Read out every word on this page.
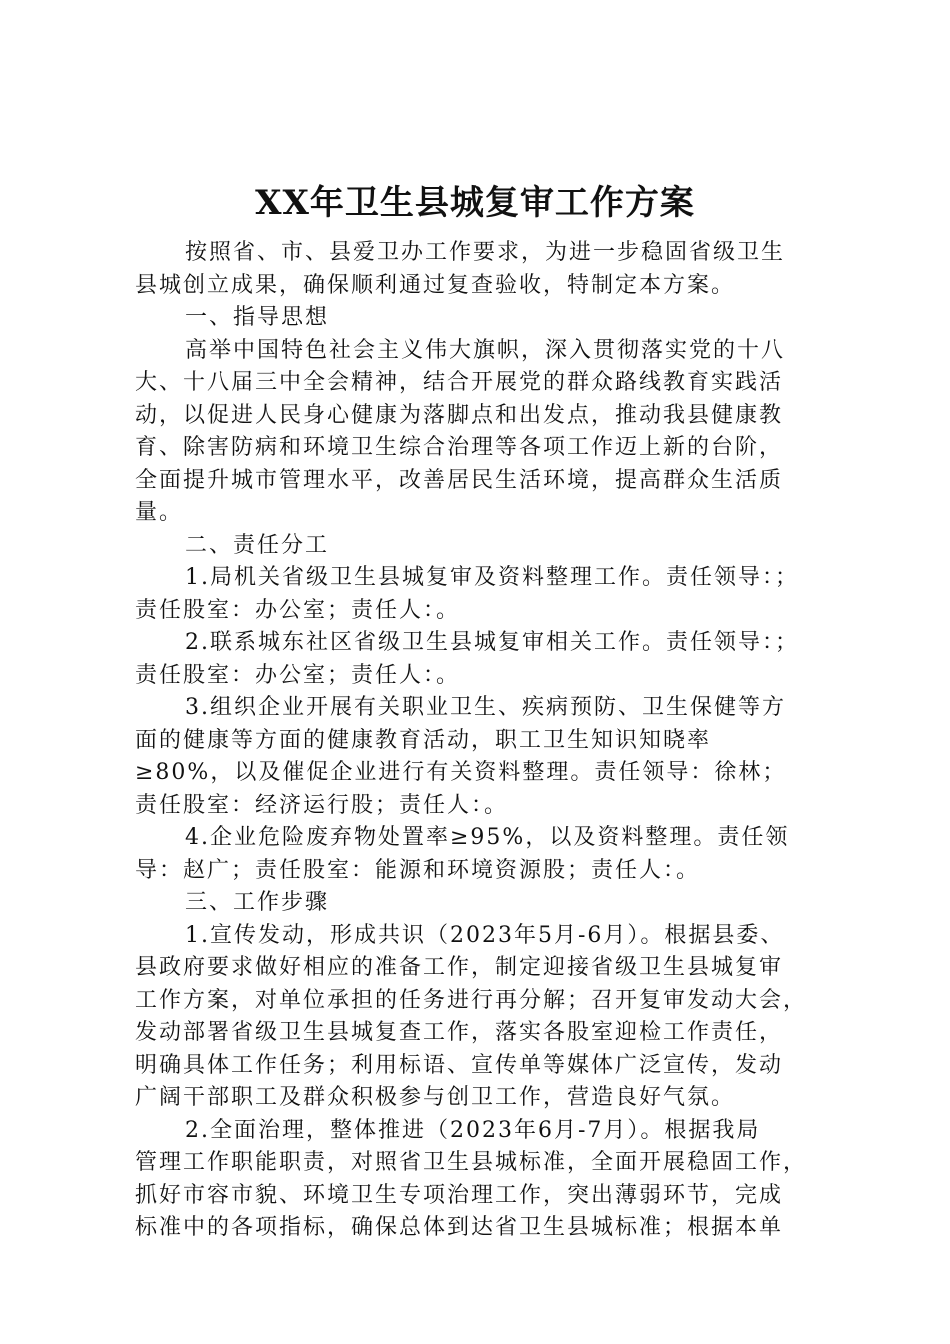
XX年卫生县城复审工作方案
按照省、市、县爱卫办工作要求，为进一步稳固省级卫生
县城创立成果，确保顺利通过复查验收，特制定本方案。
一、指导思想
高举中国特色社会主义伟大旗帜，深入贯彻落实党的十八
大、十八届三中全会精神，结合开展党的群众路线教育实践活
动，以促进人民身心健康为落脚点和出发点，推动我县健康教
育、除害防病和环境卫生综合治理等各项工作迈上新的台阶，
全面提升城市管理水平，改善居民生活环境，提高群众生活质
量。
二、责任分工
1.局机关省级卫生县城复审及资料整理工作。责任领导：；
责任股室：办公室；责任人：。
2.联系城东社区省级卫生县城复审相关工作。责任领导：；
责任股室：办公室；责任人：。
3.组织企业开展有关职业卫生、疾病预防、卫生保健等方
面的健康等方面的健康教育活动，职工卫生知识知晓率
≥80%，以及催促企业进行有关资料整理。责任领导：徐林；
责任股室：经济运行股；责任人：。
4.企业危险废弃物处置率≥95%，以及资料整理。责任领
导：赵广；责任股室：能源和环境资源股；责任人：。
三、工作步骤
1.宣传发动，形成共识（2023年5月-6月）。根据县委、
县政府要求做好相应的准备工作，制定迎接省级卫生县城复审
工作方案，对单位承担的任务进行再分解；召开复审发动大会，
发动部署省级卫生县城复查工作，落实各股室迎检工作责任，
明确具体工作任务；利用标语、宣传单等媒体广泛宣传，发动
广阔干部职工及群众积极参与创卫工作，营造良好气氛。
2.全面治理，整体推进（2023年6月-7月）。根据我局
管理工作职能职责，对照省卫生县城标准，全面开展稳固工作，
抓好市容市貌、环境卫生专项治理工作，突出薄弱环节，完成
标准中的各项指标，确保总体到达省卫生县城标准；根据本单
